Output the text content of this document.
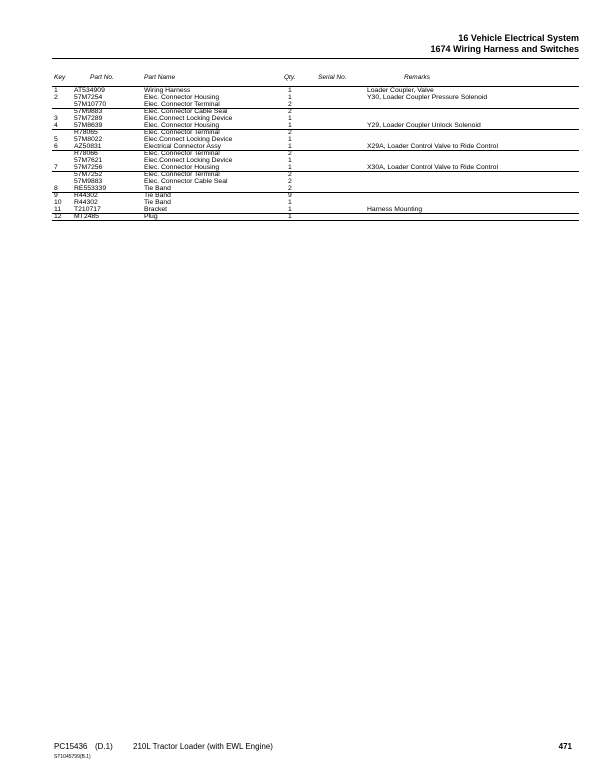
16 Vehicle Electrical System
1674 Wiring Harness and Switches
Key	Part No.	Part Name	Qty.	Serial No.	Remarks
1 AT534909	Wiring Harness	1	Loader Coupler, Valve
2 57M7254	Elec. Connector Housing	1	Y30, Loader Coupler Pressure Solenoid
57M10770	Elec. Connector Terminal	2
57M9883	Elec. Connector Cable Seal	2
3 57M7289	Elec.Connect Locking Device	1
4 57M8639	Elec. Connector Housing	1	Y29, Loader Coupler Unlock Solenoid
R78065	Elec. Connector Terminal	2
5 57M8022	Elec.Connect Locking Device	1
6 AZ50831	Electrical Connector Assy	1	X29A, Loader Control Valve to Ride Control
R78066	Elec. Connector Terminal	2
57M7621	Elec.Connect Locking Device	1
7 57M7256	Elec. Connector Housing	1	X30A, Loader Control Valve to Ride Control
57M7252	Elec. Connector Terminal	2
57M9883	Elec. Connector Cable Seal	2
8 RE553339	Tie Band	2
9 R44302	Tie Band	9
10 R44302	Tie Band	1
11 T210717	Bracket	1	Harness Mounting
12 MT2485	Plug	1
PC15436 (D.1)	210L Tractor Loader (with EWL Engine)	471
ST1045799(B.1)
